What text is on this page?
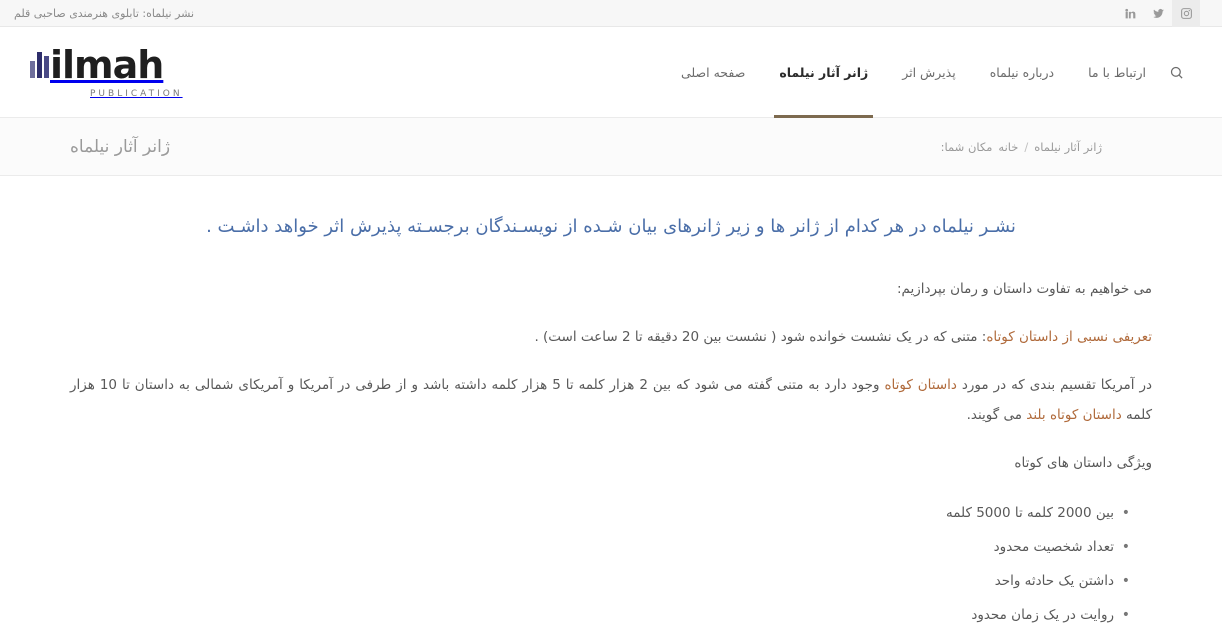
نشر نیلماه: تابلوی هنرمندی صاحبی قلم
ارتباط با ما
درباره نیلماه
پذیرش اثر
ژانر آثار نیلماه
صفحه اصلی
ilmah
PUBLICATION
ژانر آثار نیلماه
/
خانه
مکان شما:
ژانر آثار نیلماه

نشـر نیلماه در هر کدام از ژانر ها و زیر ژانرهای بیان شـده از نویسـندگان برجسـته پذیرش اثر خواهد داشـت .

می خواهیم به تفاوت داستان و رمان بپردازیم:

تعریفی نسبی از داستان کوتاه: متنی که در یک نشست خوانده شود ( نشست بین 20 دقیقه تا 2 ساعت است) .

در آمریکا تقسیم بندی که در مورد داستان کوتاه وجود دارد به متنی گفته می شود که بین 2 هزار کلمه تا 5 هزار کلمه داشته باشد و از طرفی در آمریکا و آمریکای شمالی به داستان تا 10 هزار کلمه داستان کوتاه بلند می گویند.

ویژگی داستان های کوتاه

• بین 2000 کلمه تا 5000 کلمه
• تعداد شخصیت محدود
• داشتن یک حادثه واحد
• روایت در یک زمان محدود
